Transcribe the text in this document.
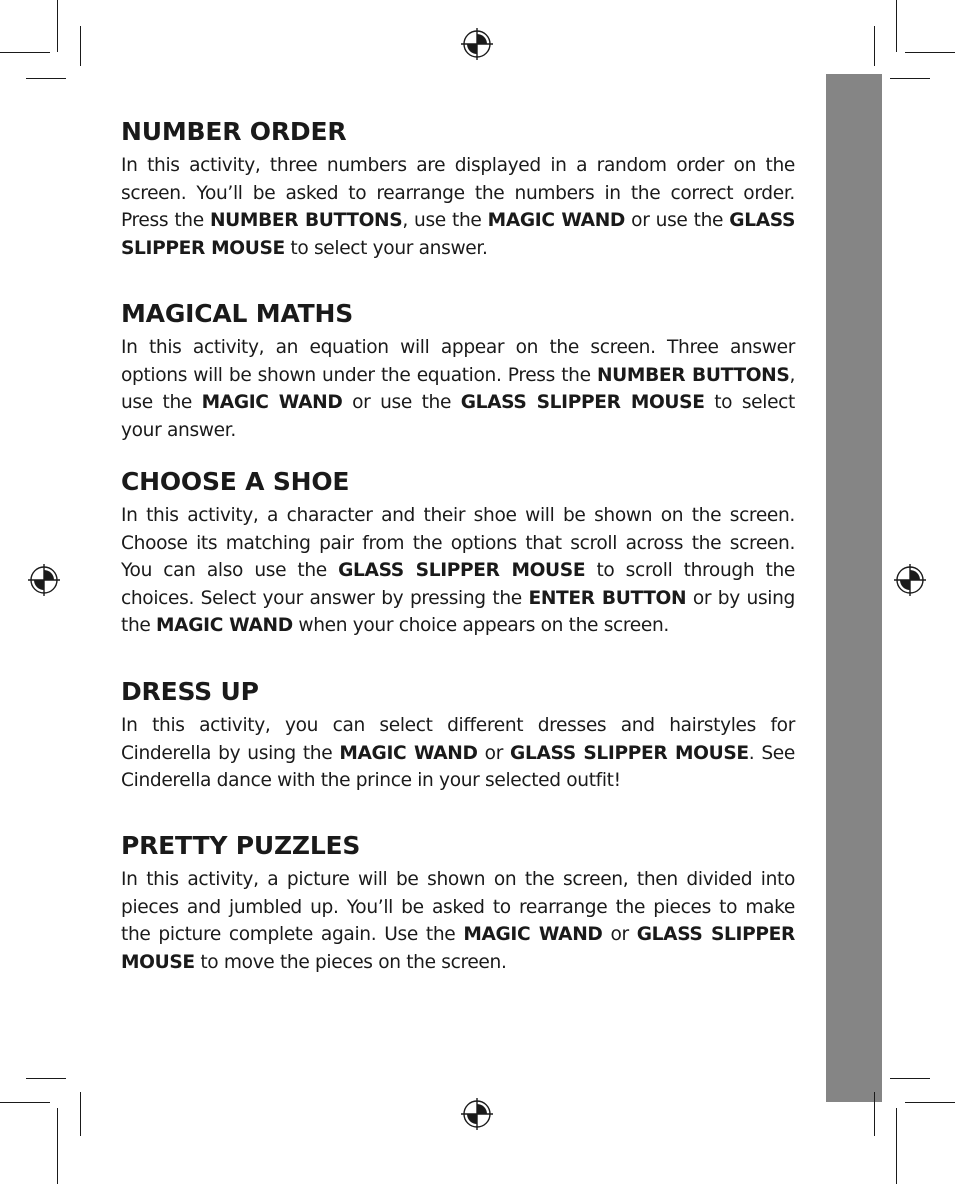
NUMBER ORDER

In this activity, three numbers are displayed in a random order on the screen. You’ll be asked to rearrange the numbers in the correct order. Press the NUMBER BUTTONS, use the MAGIC WAND or use the GLASS SLIPPER MOUSE to select your answer.

MAGICAL MATHS

In this activity, an equation will appear on the screen. Three answer options will be shown under the equation. Press the NUMBER BUTTONS, use the MAGIC WAND or use the GLASS SLIPPER MOUSE to select your answer.

CHOOSE A SHOE

In this activity, a character and their shoe will be shown on the screen. Choose its matching pair from the options that scroll across the screen. You can also use the GLASS SLIPPER MOUSE to scroll through the choices. Select your answer by pressing the ENTER BUTTON or by using the MAGIC WAND when your choice appears on the screen.

DRESS UP

In this activity, you can select different dresses and hairstyles for Cinderella by using the MAGIC WAND or GLASS SLIPPER MOUSE. See Cinderella dance with the prince in your selected outfit!

PRETTY PUZZLES

In this activity, a picture will be shown on the screen, then divided into pieces and jumbled up. You’ll be asked to rearrange the pieces to make the picture complete again. Use the MAGIC WAND or GLASS SLIPPER MOUSE to move the pieces on the screen.
